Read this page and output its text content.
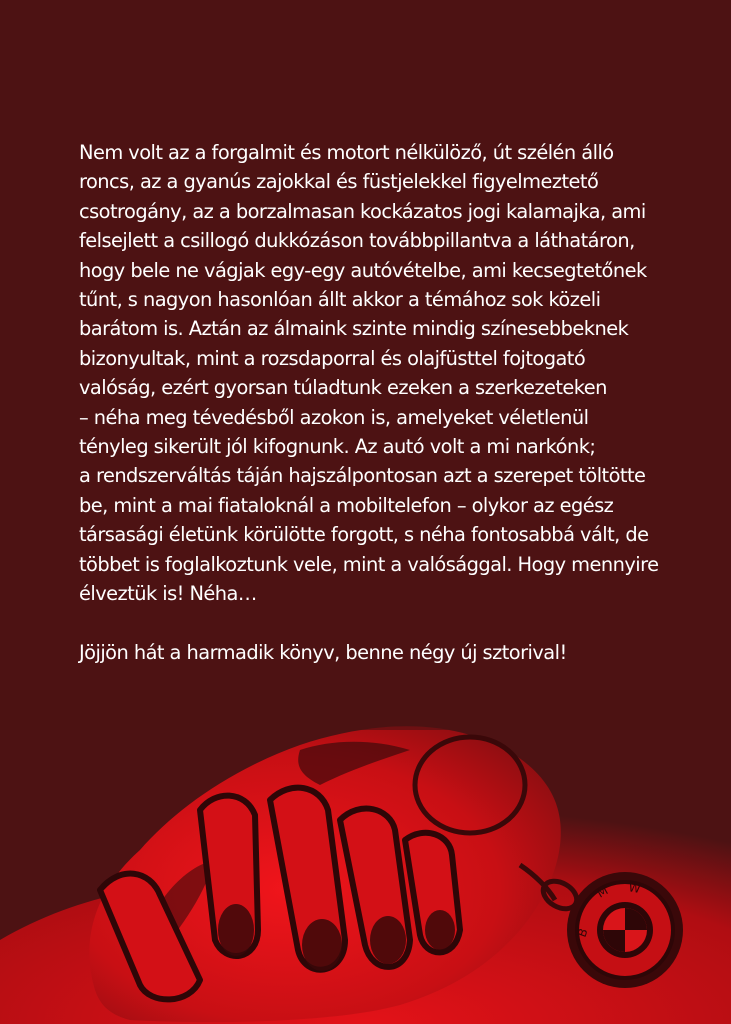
Nem volt az a forgalmit és motort nélkülöző, út szélén álló
roncs, az a gyanús zajokkal és füstjelekkel figyelmeztető
csotrogány, az a borzalmasan kockázatos jogi kalamajka, ami
felsejlett a csillogó dukkózáson továbbpillantva a láthatáron,
hogy bele ne vágjak egy-egy autóvételbe, ami kecsegtetőnek
tűnt, s nagyon hasonlóan állt akkor a témához sok közeli
barátom is. Aztán az álmaink szinte mindig színesebbeknek
bizonyultak, mint a rozsdaporral és olajfüsttel fojtogató
valóság, ezért gyorsan túladtunk ezeken a szerkezeteken
– néha meg tévedésből azokon is, amelyeket véletlenül
tényleg sikerült jól kifognunk. Az autó volt a mi narkónk;
a rendszerváltás táján hajszálpontosan azt a szerepet töltötte
be, mint a mai fiataloknál a mobiltelefon – olykor az egész
társasági életünk körülötte forgott, s néha fontosabbá vált, de
többet is foglalkoztunk vele, mint a valósággal. Hogy mennyire
élveztük is! Néha…
Jöjjön hát a harmadik könyv, benne négy új sztorival!
B
M W
